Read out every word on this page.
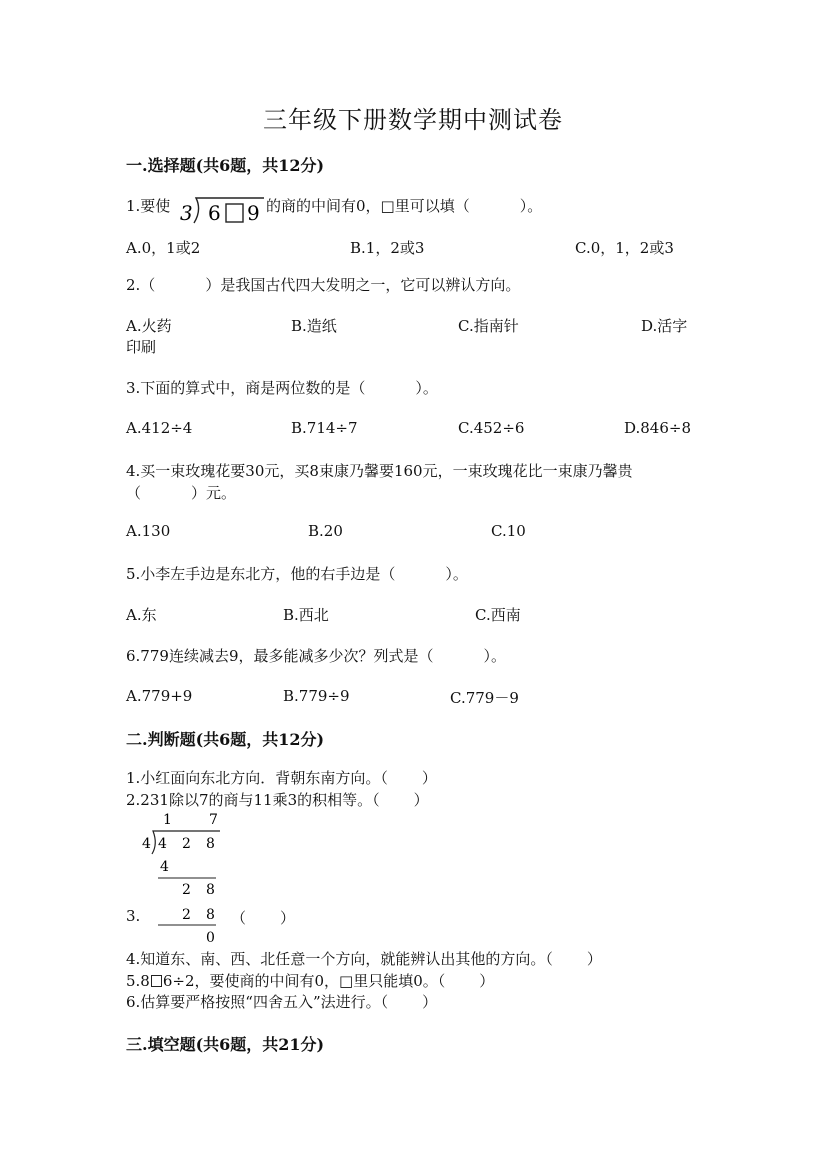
三年级下册数学期中测试卷
一.选择题(共6题，共12分)
1.要使 3 6 9 的商的中间有0，□里可以填（	）。
A.0，1或2	B.1，2或3	C.0，1，2或3
2.（	）是我国古代四大发明之一，它可以辨认方向。
A.火药	B.造纸	C.指南针	D.活字
印刷
3.下面的算式中，商是两位数的是（	）。
A.412÷4	B.714÷7	C.452÷6	D.846÷8
4.买一束玫瑰花要30元，买8束康乃馨要160元，一束玫瑰花比一束康乃馨贵
（	）元。
A.130	B.20	C.10
5.小李左手边是东北方，他的右手边是（	）。
A.东	B.西北	C.西南
6.779连续减去9，最多能减多少次？列式是（	）。
A.779+9	B.779÷9	C.779－9
二.判断题(共6题，共12分)
1.小红面向东北方向．背朝东南方向。（ ）
2.231除以7的商与11乘3的积相等。（ ）
1	7
4 4 2 8
4
2 8
2 8
0
3.	（ ）
4.知道东、南、西、北任意一个方向，就能辨认出其他的方向。（ ）
5.8 6÷2，要使商的中间有0，□里只能填0。（ ）
6.估算要严格按照“四舍五入”法进行。（ ）
三.填空题(共6题，共21分)
